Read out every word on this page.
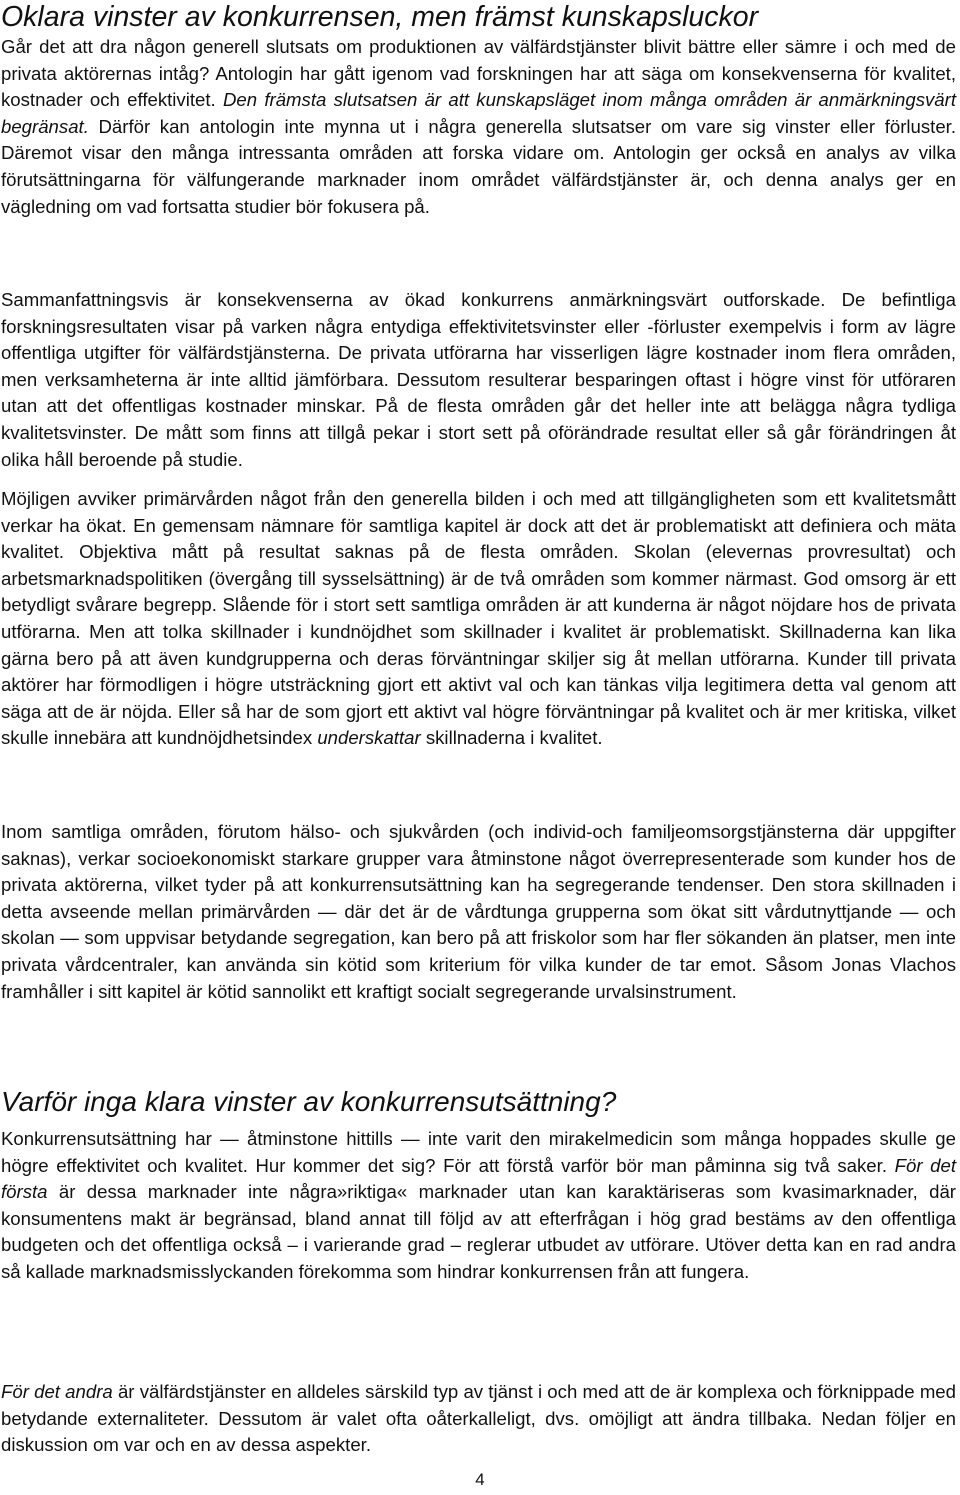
Oklara vinster av konkurrensen, men främst kunskapsluckor
Går det att dra någon generell slutsats om produktionen av välfärdstjänster blivit bättre eller sämre i och med de privata aktörernas intåg? Antologin har gått igenom vad forskningen har att säga om konsekvenserna för kvalitet, kostnader och effektivitet. Den främsta slutsatsen är att kunskapsläget inom många områden är anmärkningsvärt begränsat. Därför kan antologin inte mynna ut i några generella slutsatser om vare sig vinster eller förluster. Däremot visar den många intressanta områden att forska vidare om. Antologin ger också en analys av vilka förutsättningarna för välfungerande marknader inom området välfärdstjänster är, och denna analys ger en vägledning om vad fortsatta studier bör fokusera på.
Sammanfattningsvis är konsekvenserna av ökad konkurrens anmärkningsvärt outforskade. De befintliga forskningsresultaten visar på varken några entydiga effektivitetsvinster eller -förluster exempelvis i form av lägre offentliga utgifter för välfärdstjänsterna. De privata utförarna har visserligen lägre kostnader inom flera områden, men verksamheterna är inte alltid jämförbara. Dessutom resulterar besparingen oftast i högre vinst för utföraren utan att det offentligas kostnader minskar. På de flesta områden går det heller inte att belägga några tydliga kvalitetsvinster. De mått som finns att tillgå pekar i stort sett på oförändrade resultat eller så går förändringen åt olika håll beroende på studie.
Möjligen avviker primärvården något från den generella bilden i och med att tillgängligheten som ett kvalitetsmått verkar ha ökat. En gemensam nämnare för samtliga kapitel är dock att det är problematiskt att definiera och mäta kvalitet. Objektiva mått på resultat saknas på de flesta områden. Skolan (elevernas provresultat) och arbetsmarknadspolitiken (övergång till sysselsättning) är de två områden som kommer närmast. God omsorg är ett betydligt svårare begrepp. Slående för i stort sett samtliga områden är att kunderna är något nöjdare hos de privata utförarna. Men att tolka skillnader i kundnöjdhet som skillnader i kvalitet är problematiskt. Skillnaderna kan lika gärna bero på att även kundgrupperna och deras förväntningar skiljer sig åt mellan utförarna. Kunder till privata aktörer har förmodligen i högre utsträckning gjort ett aktivt val och kan tänkas vilja legitimera detta val genom att säga att de är nöjda. Eller så har de som gjort ett aktivt val högre förväntningar på kvalitet och är mer kritiska, vilket skulle innebära att kundnöjdhetsindex underskattar skillnaderna i kvalitet.
Inom samtliga områden, förutom hälso- och sjukvården (och individ-och familjeomsorgstjänsterna där uppgifter saknas), verkar socioekonomiskt starkare grupper vara åtminstone något överrepresenterade som kunder hos de privata aktörerna, vilket tyder på att konkurrensutsättning kan ha segregerande tendenser. Den stora skillnaden i detta avseende mellan primärvården — där det är de vårdtunga grupperna som ökat sitt vårdutnyttjande — och skolan — som uppvisar betydande segregation, kan bero på att friskolor som har fler sökanden än platser, men inte privata vårdcentraler, kan använda sin kötid som kriterium för vilka kunder de tar emot. Såsom Jonas Vlachos framhåller i sitt kapitel är kötid sannolikt ett kraftigt socialt segregerande urvalsinstrument.
Varför inga klara vinster av konkurrensutsättning?
Konkurrensutsättning har — åtminstone hittills — inte varit den mirakelmedicin som många hoppades skulle ge högre effektivitet och kvalitet. Hur kommer det sig? För att förstå varför bör man påminna sig två saker. För det första är dessa marknader inte några»riktiga« marknader utan kan karaktäriseras som kvasimarknader, där konsumentens makt är begränsad, bland annat till följd av att efterfrågan i hög grad bestäms av den offentliga budgeten och det offentliga också – i varierande grad – reglerar utbudet av utförare. Utöver detta kan en rad andra så kallade marknadsmisslyckanden förekomma som hindrar konkurrensen från att fungera.
För det andra är välfärdstjänster en alldeles särskild typ av tjänst i och med att de är komplexa och förknippade med betydande externaliteter. Dessutom är valet ofta oåterkalleligt, dvs. omöjligt att ändra tillbaka. Nedan följer en diskussion om var och en av dessa aspekter.
4
